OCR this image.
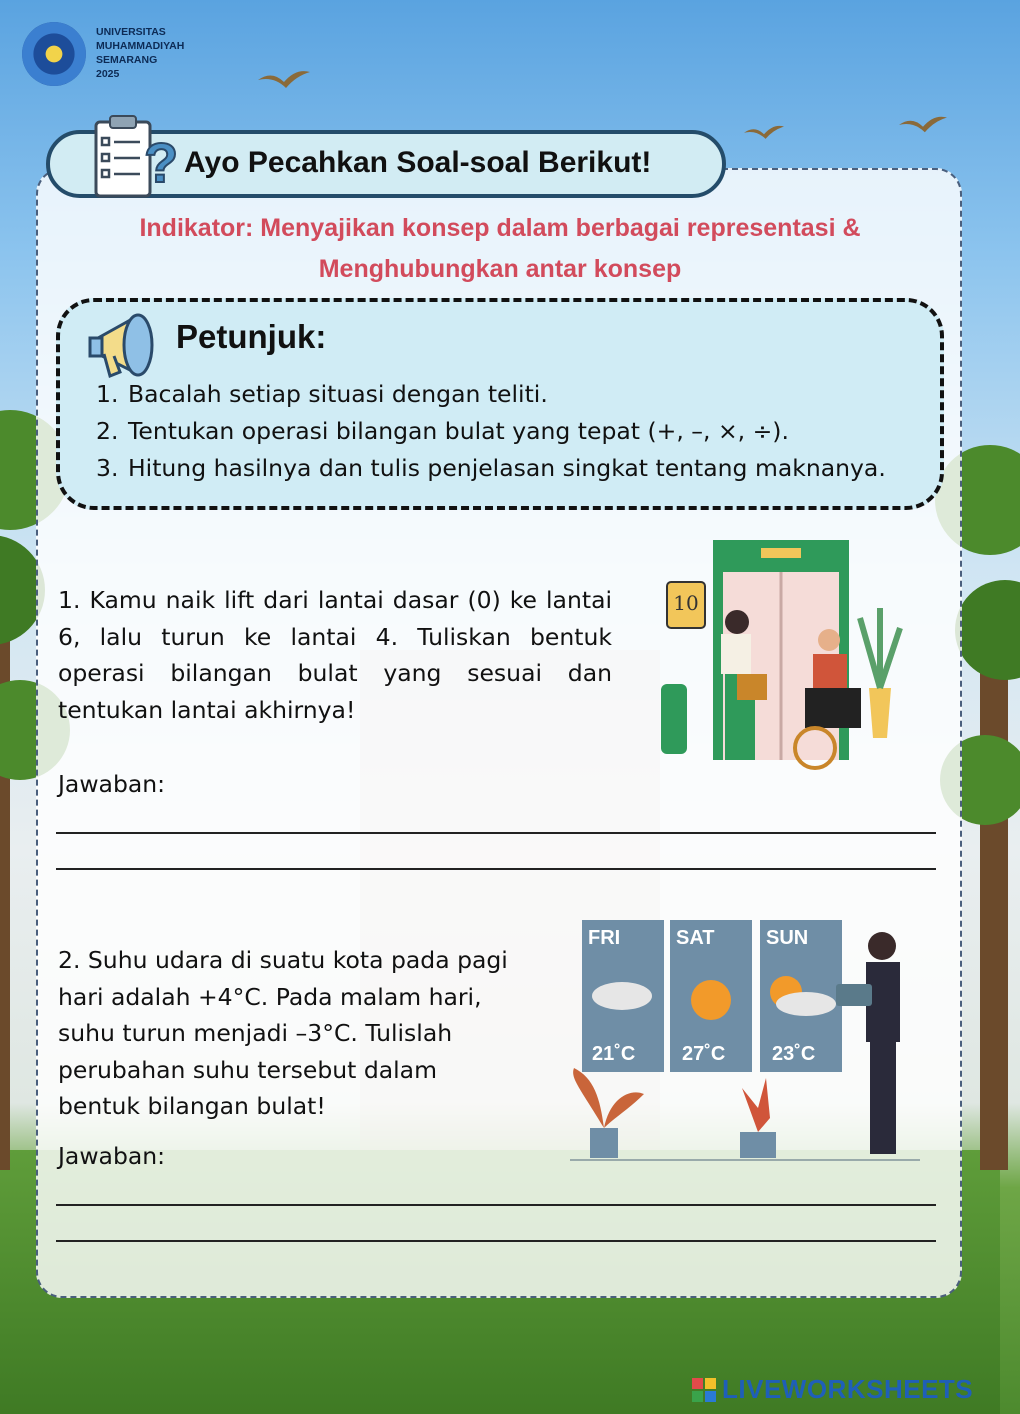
UNIVERSITAS
MUHAMMADIYAH
SEMARANG
2025
? Ayo Pecahkan Soal-soal Berikut!
Indikator: Menyajikan konsep dalam berbagai representasi & Menghubungkan antar konsep
Petunjuk:
1. Bacalah setiap situasi dengan teliti.
2. Tentukan operasi bilangan bulat yang tepat (+, –, ×, ÷).
3. Hitung hasilnya dan tulis penjelasan singkat tentang maknanya.
1. Kamu naik lift dari lantai dasar (0) ke lantai 6, lalu turun ke lantai 4. Tuliskan bentuk operasi bilangan bulat yang sesuai dan tentukan lantai akhirnya!
10
Jawaban:
2. Suhu udara di suatu kota pada pagi hari adalah +4°C. Pada malam hari, suhu turun menjadi –3°C. Tulislah perubahan suhu tersebut dalam bentuk bilangan bulat!
FRI
21˚C
SAT
27˚C
SUN
23˚C
Jawaban:
LIVEWORKSHEETS
